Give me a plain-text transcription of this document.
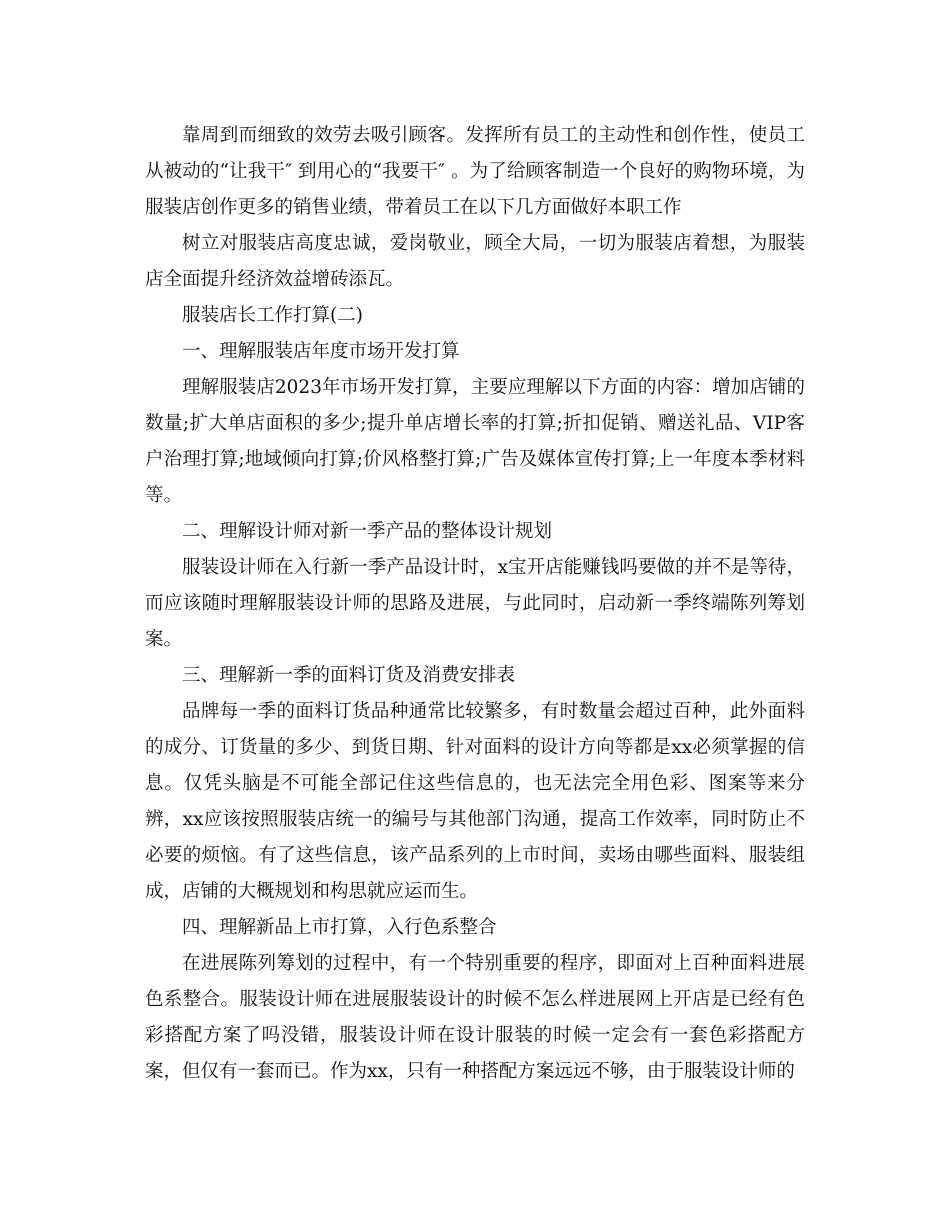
靠周到而细致的效劳去吸引顾客。发挥所有员工的主动性和创作性，使员工从被动的“让我干″ 到用心的“我要干″ 。为了给顾客制造一个良好的购物环境，为服装店创作更多的销售业绩，带着员工在以下几方面做好本职工作

树立对服装店高度忠诚，爱岗敬业，顾全大局，一切为服装店着想，为服装店全面提升经济效益增砖添瓦。

服装店长工作打算(二)

一、理解服装店年度市场开发打算

理解服装店2023年市场开发打算，主要应理解以下方面的内容：增加店铺的数量;扩大单店面积的多少;提升单店增长率的打算;折扣促销、赠送礼品、VIP客户治理打算;地域倾向打算;价风格整打算;广告及媒体宣传打算;上一年度本季材料等。

二、理解设计师对新一季产品的整体设计规划

服装设计师在入行新一季产品设计时，x宝开店能赚钱吗要做的并不是等待，而应该随时理解服装设计师的思路及进展，与此同时，启动新一季终端陈列筹划案。

三、理解新一季的面料订货及消费安排表

品牌每一季的面料订货品种通常比较繁多，有时数量会超过百种，此外面料的成分、订货量的多少、到货日期、针对面料的设计方向等都是xx必须掌握的信息。仅凭头脑是不可能全部记住这些信息的，也无法完全用色彩、图案等来分辨，xx应该按照服装店统一的编号与其他部门沟通，提高工作效率，同时防止不必要的烦恼。有了这些信息，该产品系列的上市时间，卖场由哪些面料、服装组成，店铺的大概规划和构思就应运而生。

四、理解新品上市打算，入行色系整合

在进展陈列筹划的过程中，有一个特别重要的程序，即面对上百种面料进展色系整合。服装设计师在进展服装设计的时候不怎么样进展网上开店是已经有色彩搭配方案了吗没错，服装设计师在设计服装的时候一定会有一套色彩搭配方案，但仅有一套而已。作为xx，只有一种搭配方案远远不够，由于服装设计师的
